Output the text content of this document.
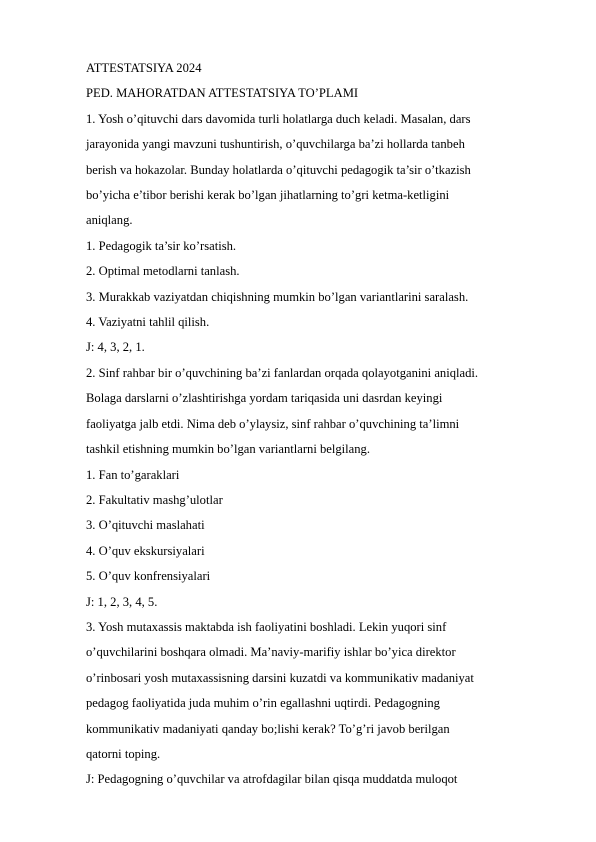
ATTESTATSIYA 2024

PED. MAHORATDAN ATTESTATSIYA TO’PLAMI

1. Yosh o’qituvchi dars davomida turli holatlarga duch keladi. Masalan, dars

jarayonida yangi mavzuni tushuntirish, o’quvchilarga ba’zi hollarda tanbeh

berish va hokazolar. Bunday holatlarda o’qituvchi pedagogik ta’sir o’tkazish

bo’yicha e’tibor berishi kerak bo’lgan jihatlarning to’gri ketma-ketligini

aniqlang.

1. Pedagogik ta’sir ko’rsatish.

2. Optimal metodlarni tanlash.

3. Murakkab vaziyatdan chiqishning mumkin bo’lgan variantlarini saralash.

4. Vaziyatni tahlil qilish.

J: 4, 3, 2, 1.

2. Sinf rahbar bir o’quvchining ba’zi fanlardan orqada qolayotganini aniqladi.

Bolaga darslarni o’zlashtirishga yordam tariqasida uni dasrdan keyingi

faoliyatga jalb etdi. Nima deb o’ylaysiz, sinf rahbar o’quvchining ta’limni

tashkil etishning mumkin bo’lgan variantlarni belgilang.

1. Fan to’garaklari

2. Fakultativ mashg’ulotlar

3. O’qituvchi maslahati

4. O’quv ekskursiyalari

5. O’quv konfrensiyalari

J: 1, 2, 3, 4, 5.

3. Yosh mutaxassis maktabda ish faoliyatini boshladi. Lekin yuqori sinf

o’quvchilarini boshqara olmadi. Ma’naviy-marifiy ishlar bo’yica direktor

o’rinbosari yosh mutaxassisning darsini kuzatdi va kommunikativ madaniyat

pedagog faoliyatida juda muhim o’rin egallashni uqtirdi. Pedagogning

kommunikativ madaniyati qanday bo;lishi kerak? To’g’ri javob berilgan

qatorni toping.

J: Pedagogning o’quvchilar va atrofdagilar bilan qisqa muddatda muloqot
